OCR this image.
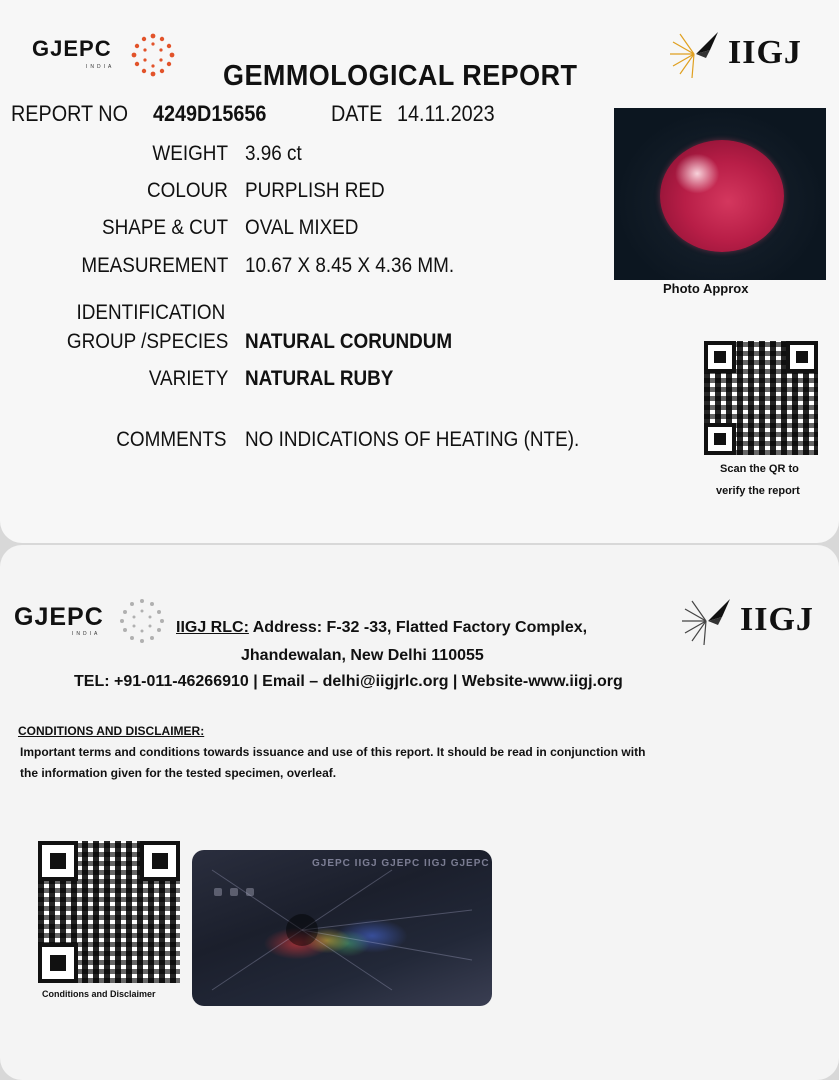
GJEPC
INDIA	IIGJ
GEMMOLOGICAL REPORT
REPORT NO 4249D15656	DATE 14.11.2023
WEIGHT 3.96 ct
COLOUR PURPLISH RED
SHAPE & CUT OVAL MIXED
MEASUREMENT 10.67 X 8.45 X 4.36 MM.
IDENTIFICATION
GROUP /SPECIES NATURAL CORUNDUM
VARIETY NATURAL RUBY
COMMENTS NO INDICATIONS OF HEATING (NTE).
Photo Approx
Scan the QR to
verify the report
GJEPC
INDIA	IIGJ
IIGJ RLC: Address: F-32 -33, Flatted Factory Complex,
Jhandewalan, New Delhi 110055
TEL: +91-011-46266910 | Email – delhi@iigjrlc.org | Website-www.iigj.org
CONDITIONS AND DISCLAIMER:
Important terms and conditions towards issuance and use of this report. It should be read in conjunction with
the information given for the tested specimen, overleaf.
Conditions and Disclaimer
GJEPC IIGJ GJEPC IIGJ GJEPC
